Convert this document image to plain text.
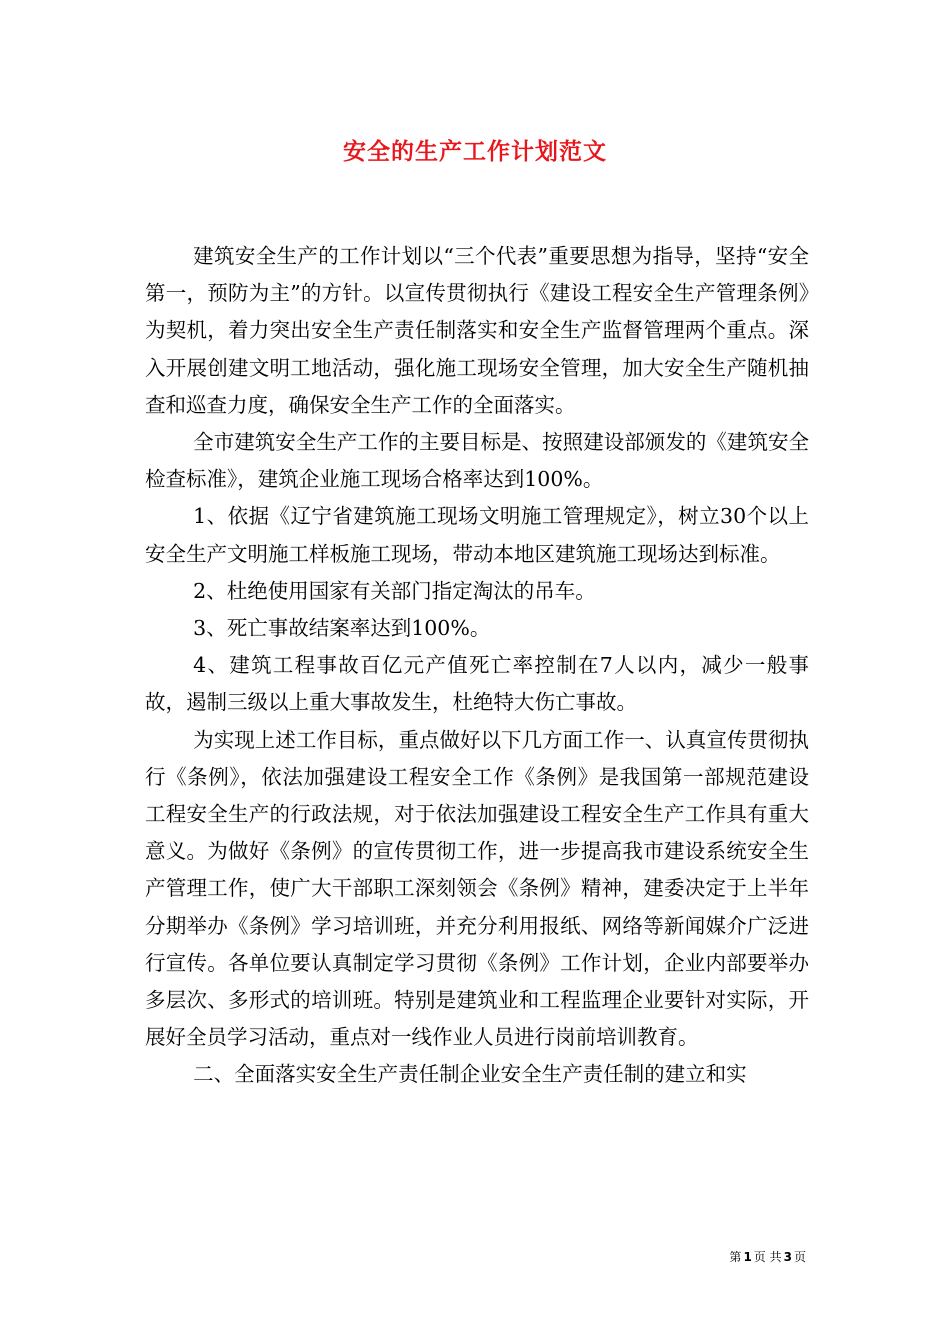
安全的生产工作计划范文

建筑安全生产的工作计划以“三个代表”重要思想为指导，坚持“安全第一，预防为主”的方针。以宣传贯彻执行《建设工程安全生产管理条例》为契机，着力突出安全生产责任制落实和安全生产监督管理两个重点。深入开展创建文明工地活动，强化施工现场安全管理，加大安全生产随机抽查和巡查力度，确保安全生产工作的全面落实。

全市建筑安全生产工作的主要目标是、按照建设部颁发的《建筑安全检查标准》，建筑企业施工现场合格率达到100%。

1、依据《辽宁省建筑施工现场文明施工管理规定》，树立30个以上安全生产文明施工样板施工现场，带动本地区建筑施工现场达到标准。

2、杜绝使用国家有关部门指定淘汰的吊车。

3、死亡事故结案率达到100%。

4、建筑工程事故百亿元产值死亡率控制在7人以内，减少一般事故，遏制三级以上重大事故发生，杜绝特大伤亡事故。

为实现上述工作目标，重点做好以下几方面工作一、认真宣传贯彻执行《条例》，依法加强建设工程安全工作《条例》是我国第一部规范建设工程安全生产的行政法规，对于依法加强建设工程安全生产工作具有重大意义。为做好《条例》的宣传贯彻工作，进一步提高我市建设系统安全生产管理工作，使广大干部职工深刻领会《条例》精神，建委决定于上半年分期举办《条例》学习培训班，并充分利用报纸、网络等新闻媒介广泛进行宣传。各单位要认真制定学习贯彻《条例》工作计划，企业内部要举办多层次、多形式的培训班。特别是建筑业和工程监理企业要针对实际，开展好全员学习活动，重点对一线作业人员进行岗前培训教育。

二、全面落实安全生产责任制企业安全生产责任制的建立和实

第 1 页 共 3 页
